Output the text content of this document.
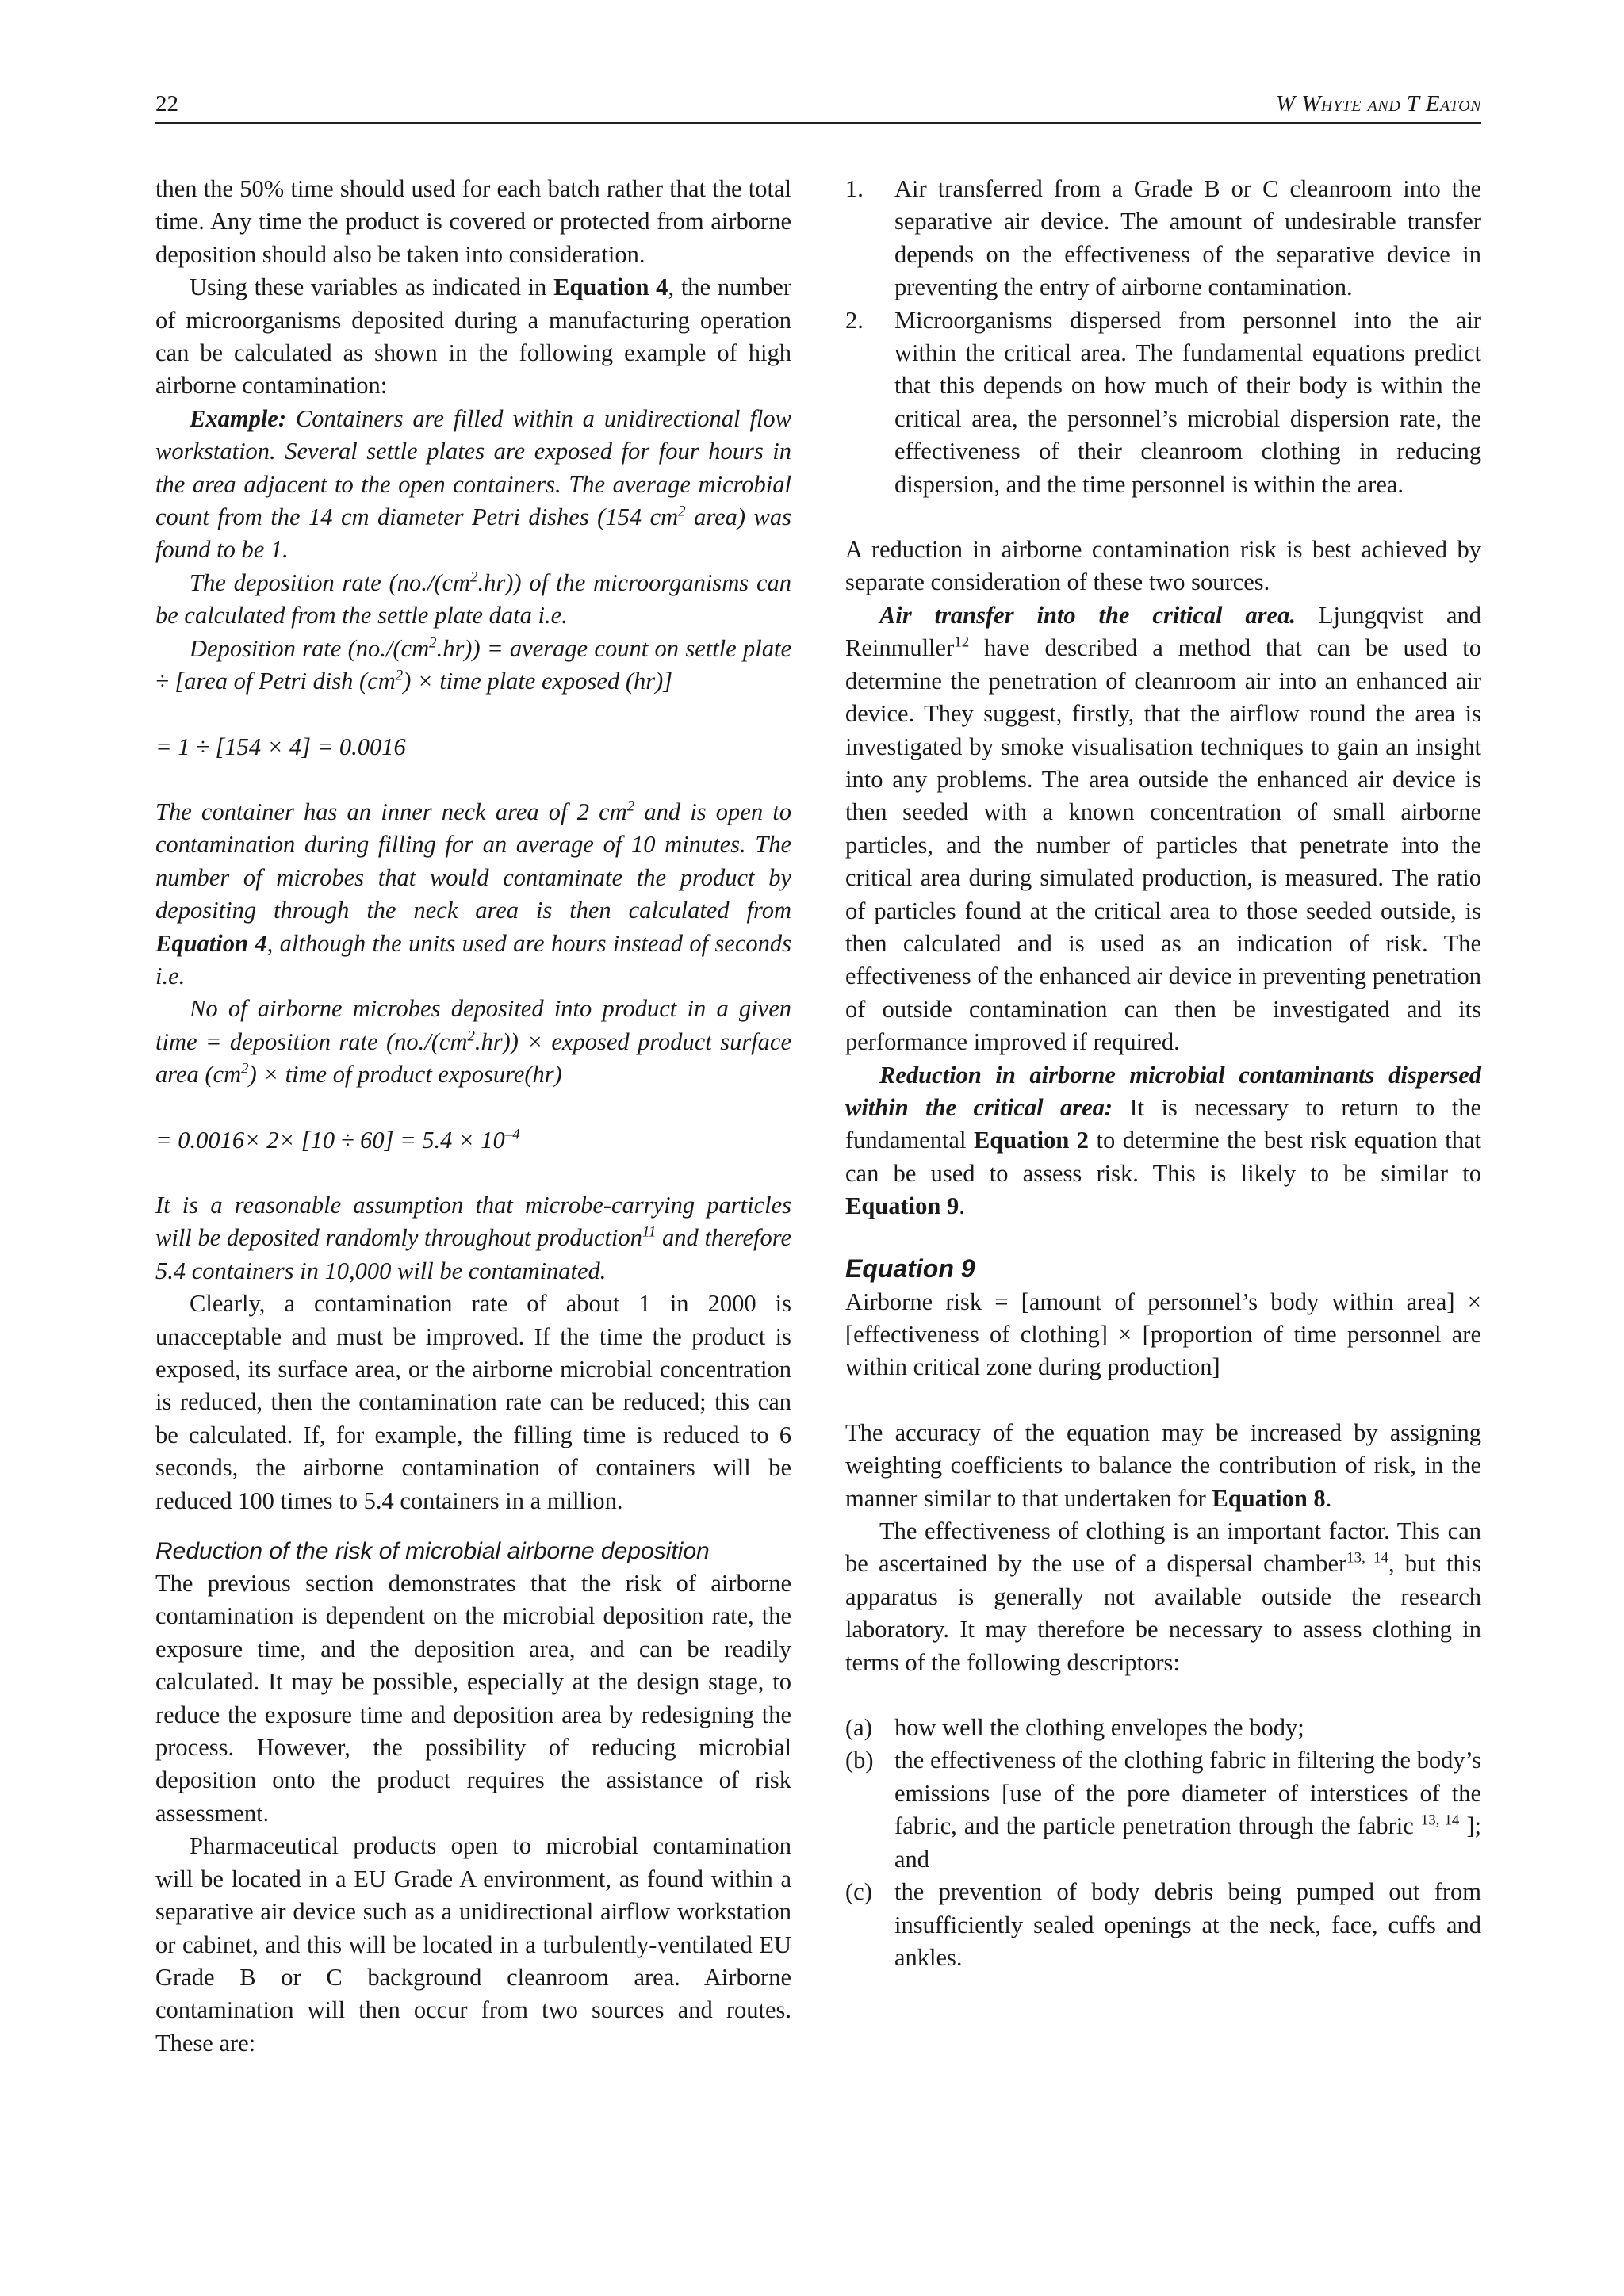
22	W Whyte and T Eaton

then the 50% time should used for each batch rather that the total time. Any time the product is covered or protected from airborne deposition should also be taken into consideration.

Using these variables as indicated in Equation 4, the number of microorganisms deposited during a manufacturing operation can be calculated as shown in the following example of high airborne contamination:

Example: Containers are filled within a unidirectional flow workstation. Several settle plates are exposed for four hours in the area adjacent to the open containers. The average microbial count from the 14 cm diameter Petri dishes (154 $cm^2$ area) was found to be 1.

The deposition rate $(no./(cm^2.hr))$ of the microorganisms can be calculated from the settle plate data i.e.

Deposition rate $(no./(cm^2.hr))$ = average count on settle plate ÷ [area of Petri dish $(cm^2)$ × time plate exposed (hr)]

= 1 ÷ [154 × 4] = 0.0016

The container has an inner neck area of 2 $cm^2$ and is open to contamination during filling for an average of 10 minutes. The number of microbes that would contaminate the product by depositing through the neck area is then calculated from Equation 4, although the units used are hours instead of seconds i.e.

No of airborne microbes deposited into product in a given time = deposition rate $(no./(cm^2.hr))$ × exposed product surface area $(cm^2)$ × time of product exposure(hr)

= $0.0016\times 2\times [10 \div 60] = 5.4 \times 10^{-4}$

It is a reasonable assumption that microbe-carrying particles will be deposited randomly throughout production$^{11}$ and therefore 5.4 containers in 10,000 will be contaminated.

Clearly, a contamination rate of about 1 in 2000 is unacceptable and must be improved. If the time the product is exposed, its surface area, or the airborne microbial concentration is reduced, then the contamination rate can be reduced; this can be calculated. If, for example, the filling time is reduced to 6 seconds, the airborne contamination of containers will be reduced 100 times to 5.4 containers in a million.

Reduction of the risk of microbial airborne deposition

The previous section demonstrates that the risk of airborne contamination is dependent on the microbial deposition rate, the exposure time, and the deposition area, and can be readily calculated. It may be possible, especially at the design stage, to reduce the exposure time and deposition area by redesigning the process. However, the possibility of reducing microbial deposition onto the product requires the assistance of risk assessment.

Pharmaceutical products open to microbial contamination will be located in a EU Grade A environment, as found within a separative air device such as a unidirectional airflow workstation or cabinet, and this will be located in a turbulently-ventilated EU Grade B or C background cleanroom area. Airborne contamination will then occur from two sources and routes. These are:

1. Air transferred from a Grade B or C cleanroom into the separative air device. The amount of undesirable transfer depends on the effectiveness of the separative device in preventing the entry of airborne contamination.
2. Microorganisms dispersed from personnel into the air within the critical area. The fundamental equations predict that this depends on how much of their body is within the critical area, the personnel’s microbial dispersion rate, the effectiveness of their cleanroom clothing in reducing dispersion, and the time personnel is within the area.

A reduction in airborne contamination risk is best achieved by separate consideration of these two sources.

Air transfer into the critical area. Ljungqvist and Reinmuller$^{12}$ have described a method that can be used to determine the penetration of cleanroom air into an enhanced air device. They suggest, firstly, that the airflow round the area is investigated by smoke visualisation techniques to gain an insight into any problems. The area outside the enhanced air device is then seeded with a known concentration of small airborne particles, and the number of particles that penetrate into the critical area during simulated production, is measured. The ratio of particles found at the critical area to those seeded outside, is then calculated and is used as an indication of risk. The effectiveness of the enhanced air device in preventing penetration of outside contamination can then be investigated and its performance improved if required.

Reduction in airborne microbial contaminants dispersed within the critical area: It is necessary to return to the fundamental Equation 2 to determine the best risk equation that can be used to assess risk. This is likely to be similar to Equation 9.

Equation 9

Airborne risk = [amount of personnel’s body within area] × [effectiveness of clothing] × [proportion of time personnel are within critical zone during production]

The accuracy of the equation may be increased by assigning weighting coefficients to balance the contribution of risk, in the manner similar to that undertaken for Equation 8.

The effectiveness of clothing is an important factor. This can be ascertained by the use of a dispersal chamber$^{13, 14}$, but this apparatus is generally not available outside the research laboratory. It may therefore be necessary to assess clothing in terms of the following descriptors:

(a) how well the clothing envelopes the body;
(b) the effectiveness of the clothing fabric in filtering the body’s emissions [use of the pore diameter of interstices of the fabric, and the particle penetration through the fabric $^{13, 14}$ ]; and
(c) the prevention of body debris being pumped out from insufficiently sealed openings at the neck, face, cuffs and ankles.
